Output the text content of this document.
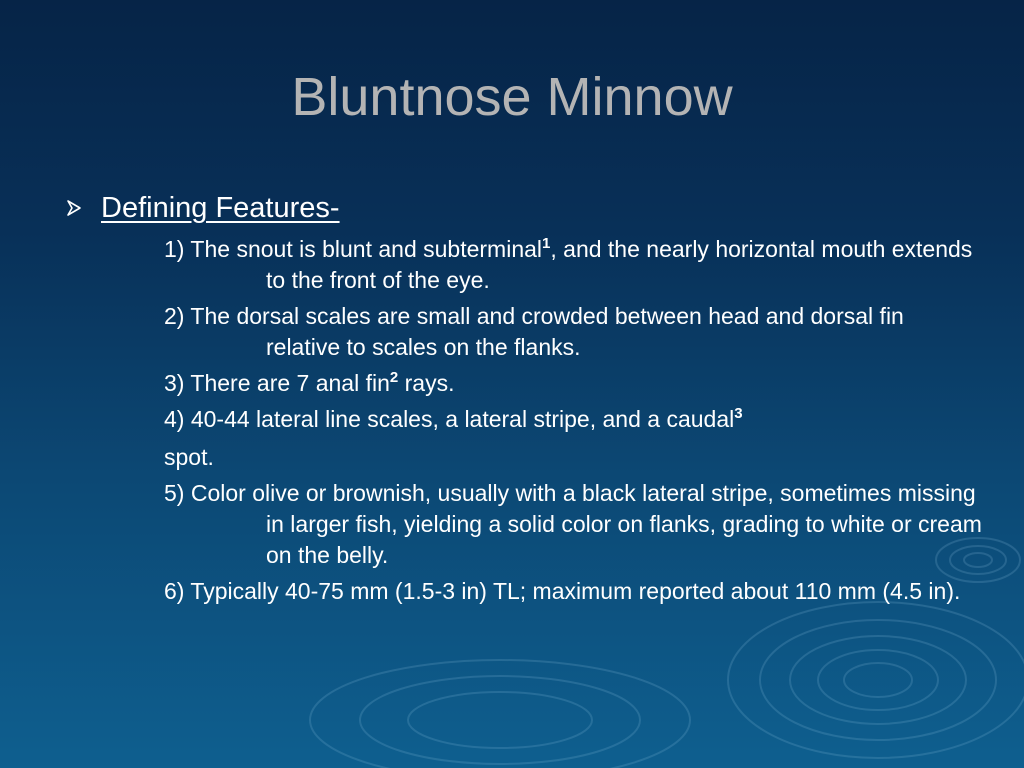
Bluntnose Minnow
Defining Features-
1) The snout is blunt and subterminal$^1$, and the nearly horizontal mouth extends to the front of the eye.
2) The dorsal scales are small and crowded between head and dorsal fin relative to scales on the flanks.
3) There are 7 anal fin$^2$ rays.
4) 40-44 lateral line scales, a lateral stripe, and a caudal$^3$
spot.
5) Color olive or brownish, usually with a black lateral stripe, sometimes missing in larger fish, yielding a solid color on flanks, grading to white or cream on the belly.
6) Typically 40-75 mm (1.5-3 in) TL; maximum reported about 110 mm (4.5 in).
